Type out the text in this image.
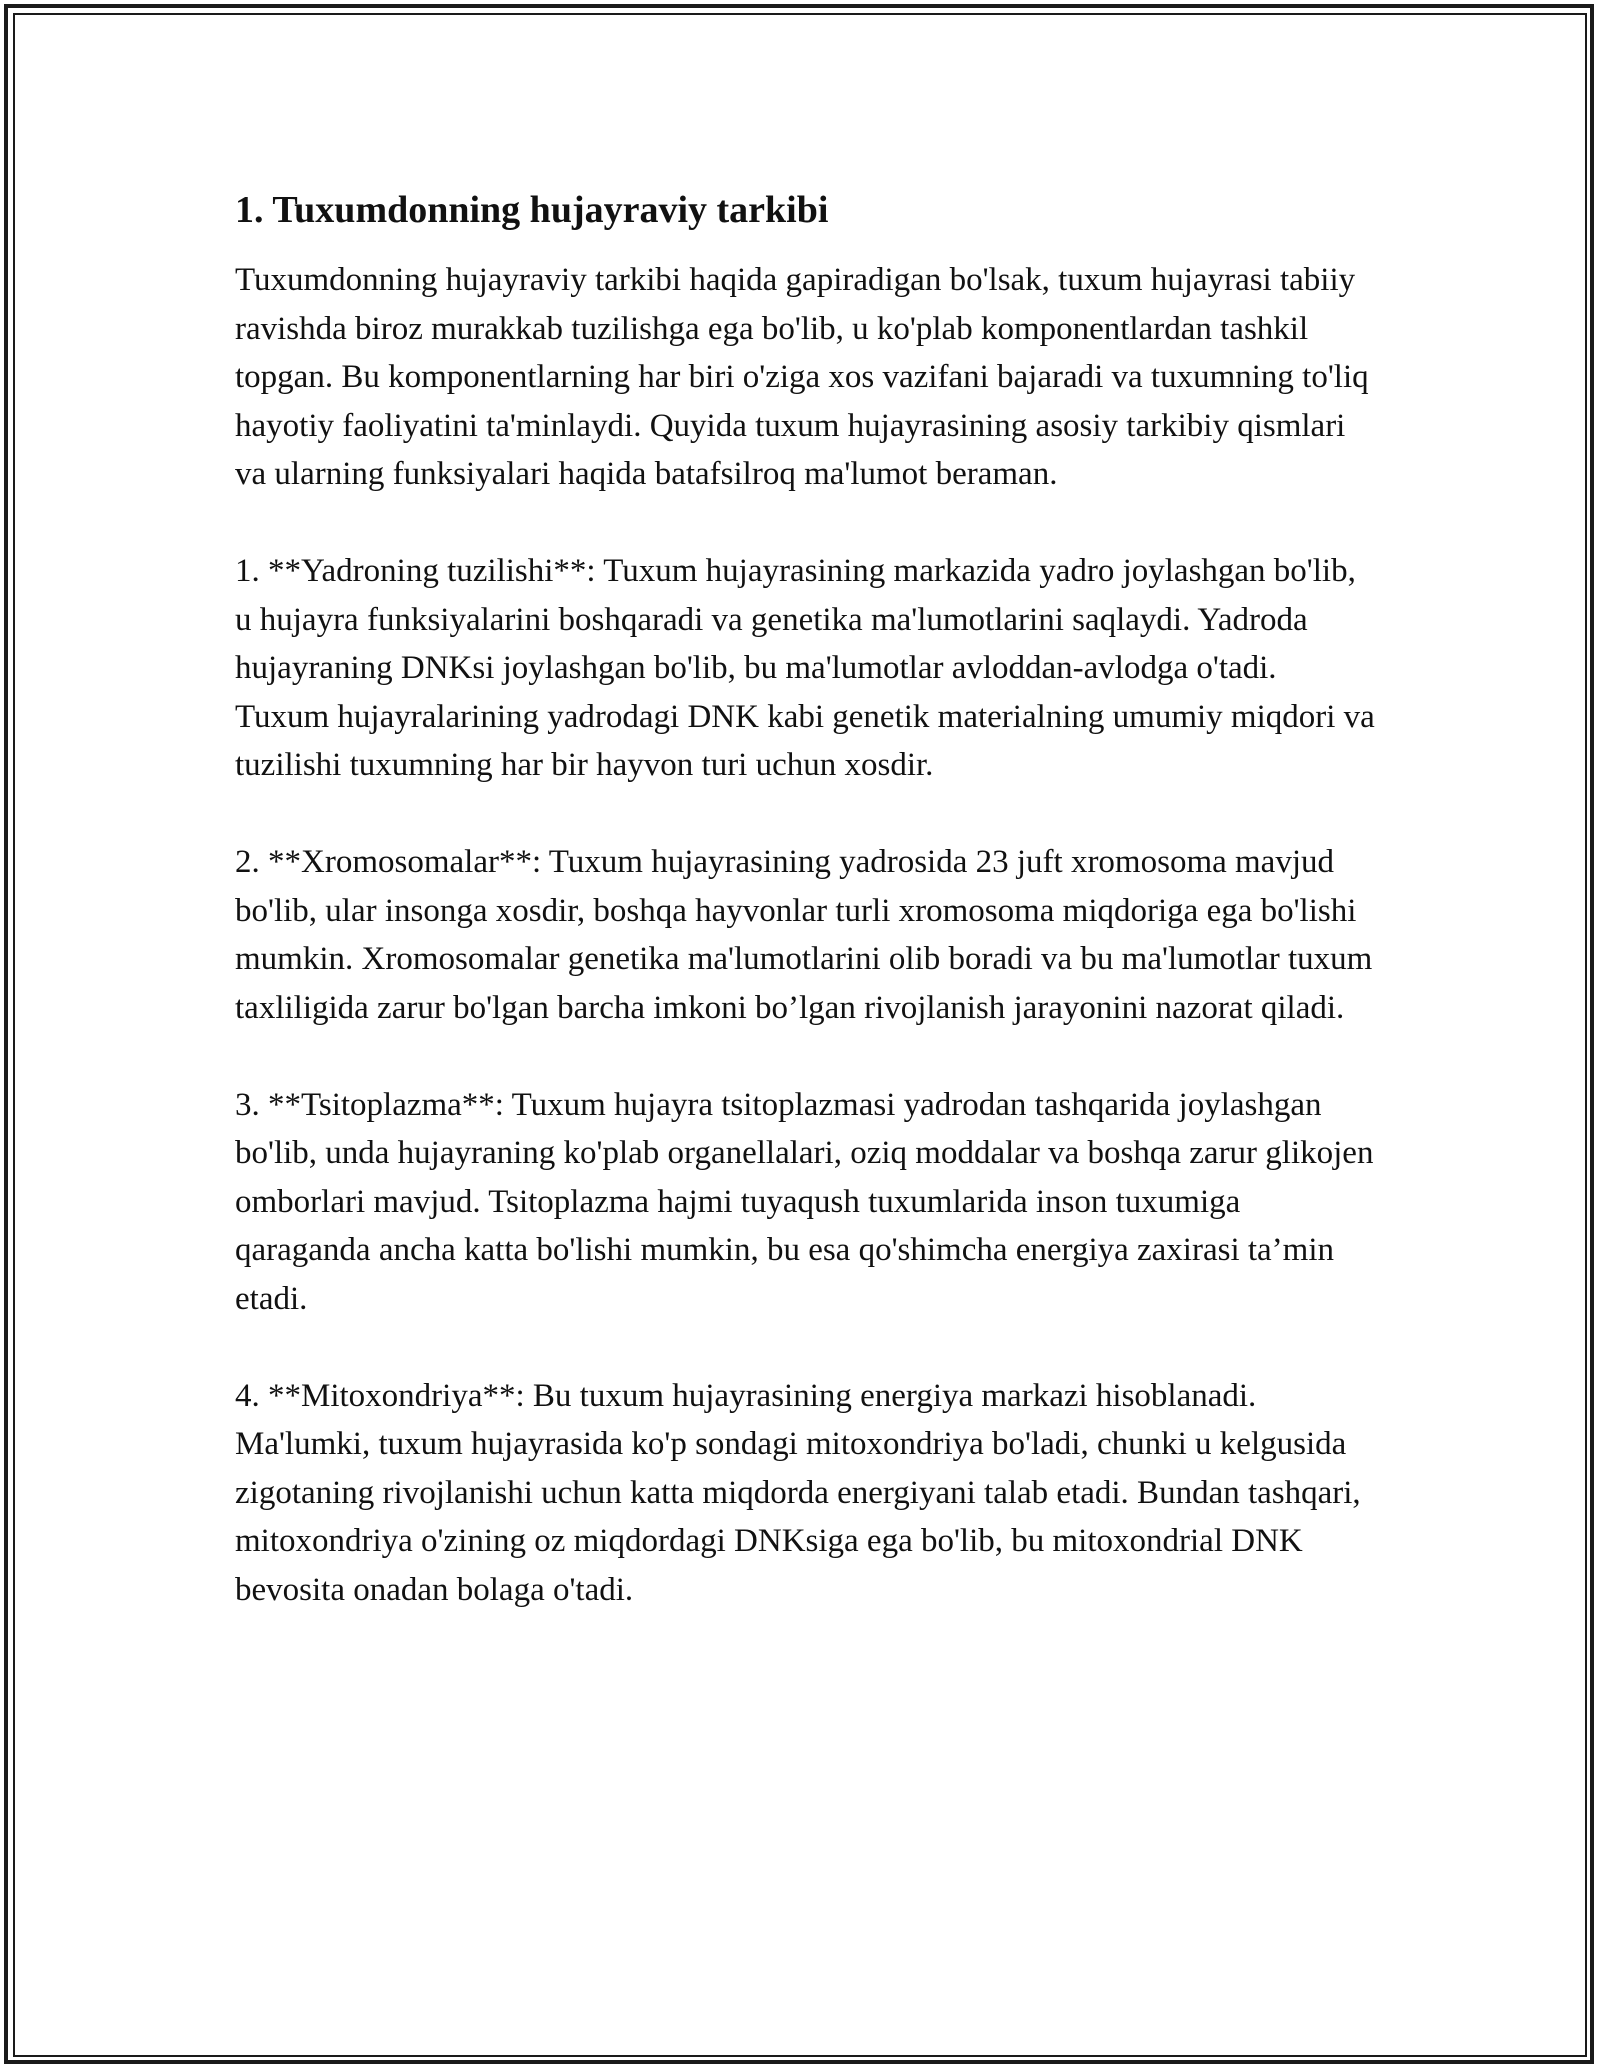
1. Tuxumdonning hujayraviy tarkibi

Tuxumdonning hujayraviy tarkibi haqida gapiradigan bo'lsak, tuxum hujayrasi tabiiy ravishda biroz murakkab tuzilishga ega bo'lib, u ko'plab komponentlardan tashkil topgan. Bu komponentlarning har biri o'ziga xos vazifani bajaradi va tuxumning to'liq hayotiy faoliyatini ta'minlaydi. Quyida tuxum hujayrasining asosiy tarkibiy qismlari va ularning funksiyalari haqida batafsilroq ma'lumot beraman.

1. **Yadroning tuzilishi**: Tuxum hujayrasining markazida yadro joylashgan bo'lib, u hujayra funksiyalarini boshqaradi va genetika ma'lumotlarini saqlaydi. Yadroda hujayraning DNKsi joylashgan bo'lib, bu ma'lumotlar avloddan-avlodga o'tadi. Tuxum hujayralarining yadrodagi DNK kabi genetik materialning umumiy miqdori va tuzilishi tuxumning har bir hayvon turi uchun xosdir.

2. **Xromosomalar**: Tuxum hujayrasining yadrosida 23 juft xromosoma mavjud bo'lib, ular insonga xosdir, boshqa hayvonlar turli xromosoma miqdoriga ega bo'lishi mumkin. Xromosomalar genetika ma'lumotlarini olib boradi va bu ma'lumotlar tuxum taxliligida zarur bo'lgan barcha imkoni bo’lgan rivojlanish jarayonini nazorat qiladi.

3. **Tsitoplazma**: Tuxum hujayra tsitoplazmasi yadrodan tashqarida joylashgan bo'lib, unda hujayraning ko'plab organellalari, oziq moddalar va boshqa zarur glikojen omborlari mavjud. Tsitoplazma hajmi tuyaqush tuxumlarida inson tuxumiga qaraganda ancha katta bo'lishi mumkin, bu esa qo'shimcha energiya zaxirasi ta’min etadi.

4. **Mitoxondriya**: Bu tuxum hujayrasining energiya markazi hisoblanadi. Ma'lumki, tuxum hujayrasida ko'p sondagi mitoxondriya bo'ladi, chunki u kelgusida zigotaning rivojlanishi uchun katta miqdorda energiyani talab etadi. Bundan tashqari, mitoxondriya o'zining oz miqdordagi DNKsiga ega bo'lib, bu mitoxondrial DNK bevosita onadan bolaga o'tadi.
